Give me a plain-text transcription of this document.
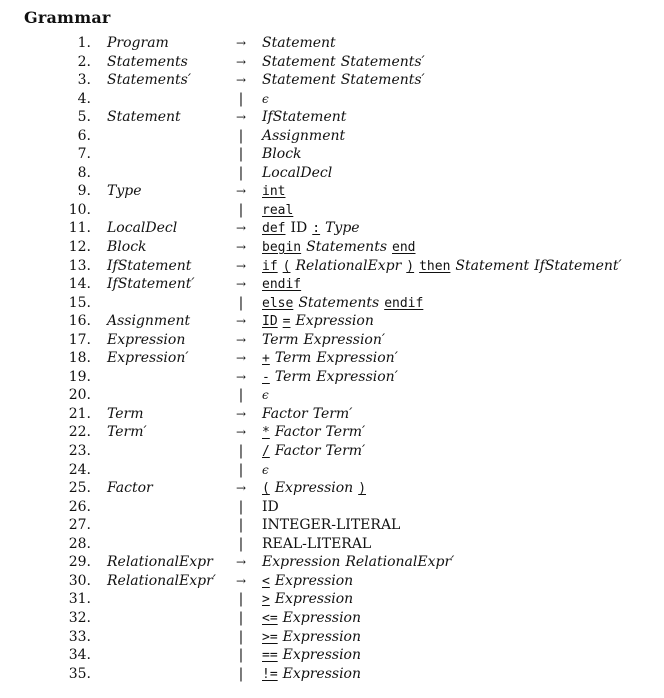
Grammar
1. Program	→ Statement
2. Statements	→ Statement Statements′
3. Statements′	→ Statement Statements′
4.	|	ϵ
5. Statement	→ IfStatement
6.	|	Assignment
7.	|	Block
8.	|	LocalDecl
9. Type	→	int
10.	|	real
11. LocalDecl	→	def ID : Type
12. Block	→	begin Statements end
13. IfStatement	→	if ( RelationalExpr ) then Statement IfStatement′
14. IfStatement′	→	endif
15.	|	else Statements endif
16. Assignment	→	ID = Expression
17. Expression	→ Term Expression′
18. Expression′	→	+ Term Expression′
19.	→	- Term Expression′
20.	|	ϵ
21. Term	→ Factor Term′
22. Term′	→	* Factor Term′
23.	|	/ Factor Term′
24.	|	ϵ
25. Factor	→	( Expression )
26.	|	ID
27.	|	INTEGER-LITERAL
28.	|	REAL-LITERAL
29. RelationalExpr	→ Expression RelationalExpr′
30. RelationalExpr′	→	< Expression
31.	|	> Expression
32.	|	<= Expression
33.	|	>= Expression
34.	|	== Expression
35.	|	!= Expression
